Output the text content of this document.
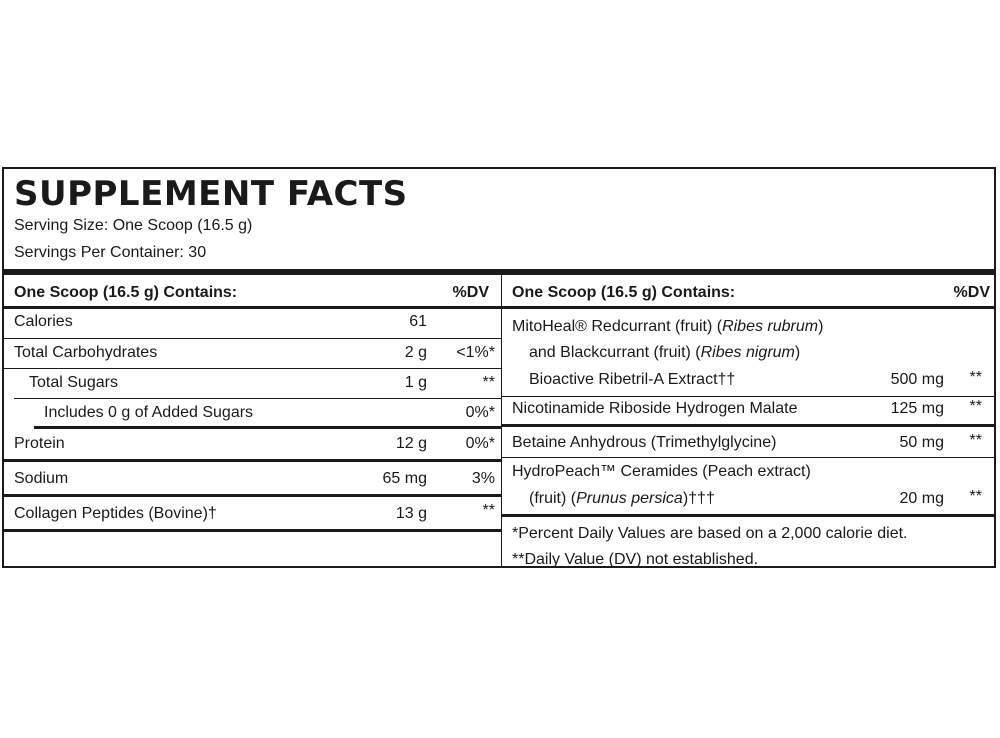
SUPPLEMENT FACTS
Serving Size: One Scoop (16.5 g)
Servings Per Container: 30
One Scoop (16.5 g) Contains:	%DV
Calories	61
Total Carbohydrates	2 g <1%*
Total Sugars	1 g	**
Includes 0 g of Added Sugars	0%*
Protein	12 g 0%*
Sodium	65 mg	3%
Collagen Peptides (Bovine)†	13 g	**
One Scoop (16.5 g) Contains:	%DV
MitoHeal® Redcurrant (fruit) (Ribes rubrum)
and Blackcurrant (fruit) (Ribes nigrum)
Bioactive Ribetril-A Extract††	500 mg **
Nicotinamide Riboside Hydrogen Malate	125 mg **
Betaine Anhydrous (Trimethylglycine)	50 mg **
HydroPeach™ Ceramides (Peach extract)
(fruit) (Prunus persica)†††	20 mg **
*Percent Daily Values are based on a 2,000 calorie diet.
**Daily Value (DV) not established.
